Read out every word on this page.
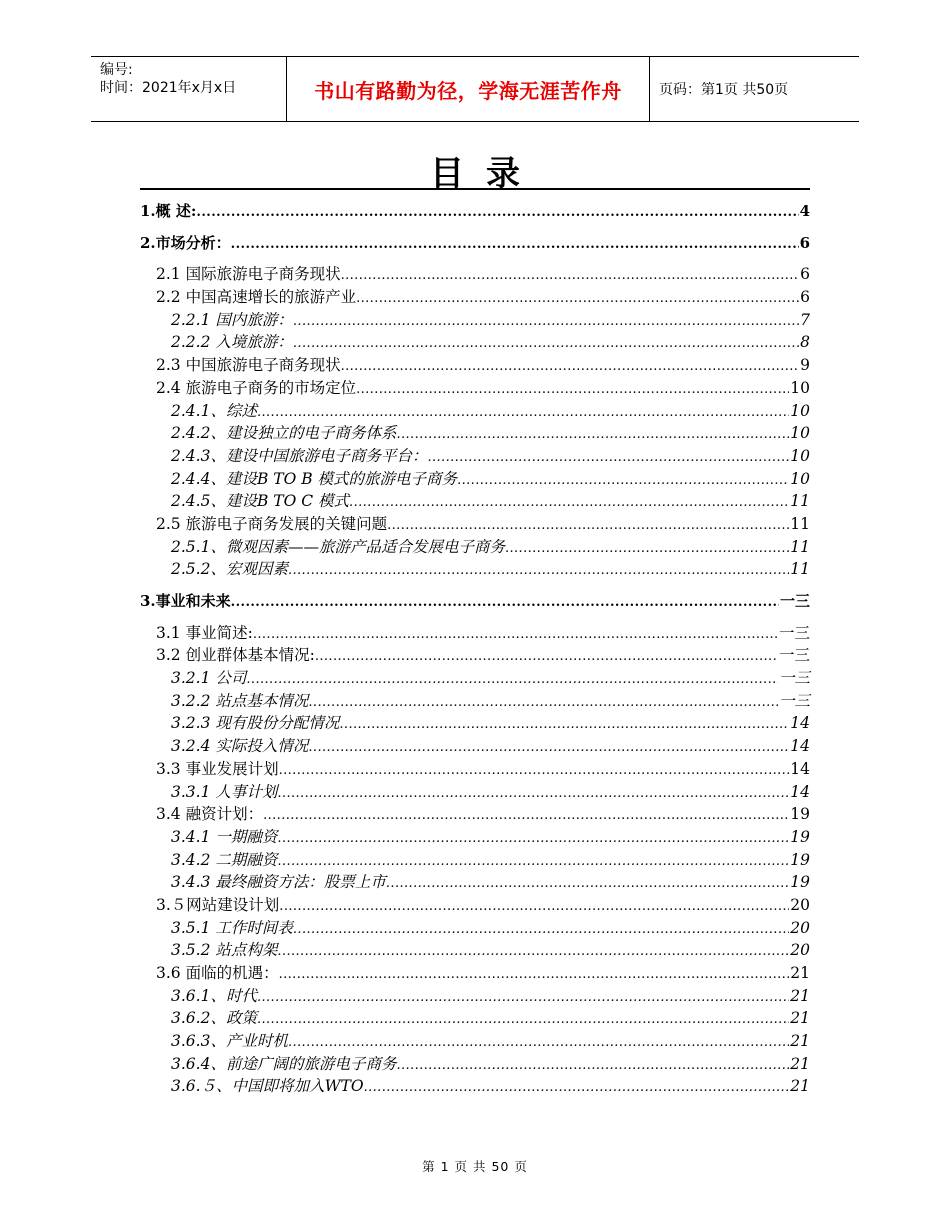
编号:
时间：2021年x月x日	书山有路勤为径，学海无涯苦作舟	页码：第1页 共50页
目录
1.概 述: .....	4
2.市场分析： .....	6
2.1 国际旅游电子商务现状 .....	6
2.2 中国高速增长的旅游产业 .....	6
2.2.1 国内旅游： .....	7
2.2.2 入境旅游： .....	8
2.3 中国旅游电子商务现状 .....	9
2.4 旅游电子商务的市场定位 .....	10
2.4.1、综述 .....	10
2.4.2、建设独立的电子商务体系 .....	10
2.4.3、建设中国旅游电子商务平台： .....	10
2.4.4、建设B TO B 模式的旅游电子商务 .....	10
2.4.5、建设B TO C 模式 .....	11
2.5 旅游电子商务发展的关键问题 .....	11
2.5.1、微观因素——旅游产品适合发展电子商务 .....	11
2.5.2、宏观因素 .....	11
3.事业和未来 .....	一三
3.1 事业简述: .....	一三
3.2 创业群体基本情况: .....	一三
3.2.1 公司 .....	一三
3.2.2 站点基本情况 .....	一三
3.2.3 现有股份分配情况 .....	14
3.2.4 实际投入情况 .....	14
3.3 事业发展计划 .....	14
3.3.1 人事计划 .....	14
3.4 融资计划： .....	19
3.4.1 一期融资 .....	19
3.4.2 二期融资 .....	19
3.4.3 最终融资方法：股票上市 .....	19
3.５网站建设计划 .....	20
3.5.1 工作时间表 .....	20
3.5.2 站点构架 .....	20
3.6 面临的机遇： .....	21
3.6.1、时代 .....	21
3.6.2、政策 .....	21
3.6.3、产业时机 .....	21
3.6.4、前途广阔的旅游电子商务 .....	21
3.6.５、中国即将加入WTO .....	21
第 1 页 共 50 页
